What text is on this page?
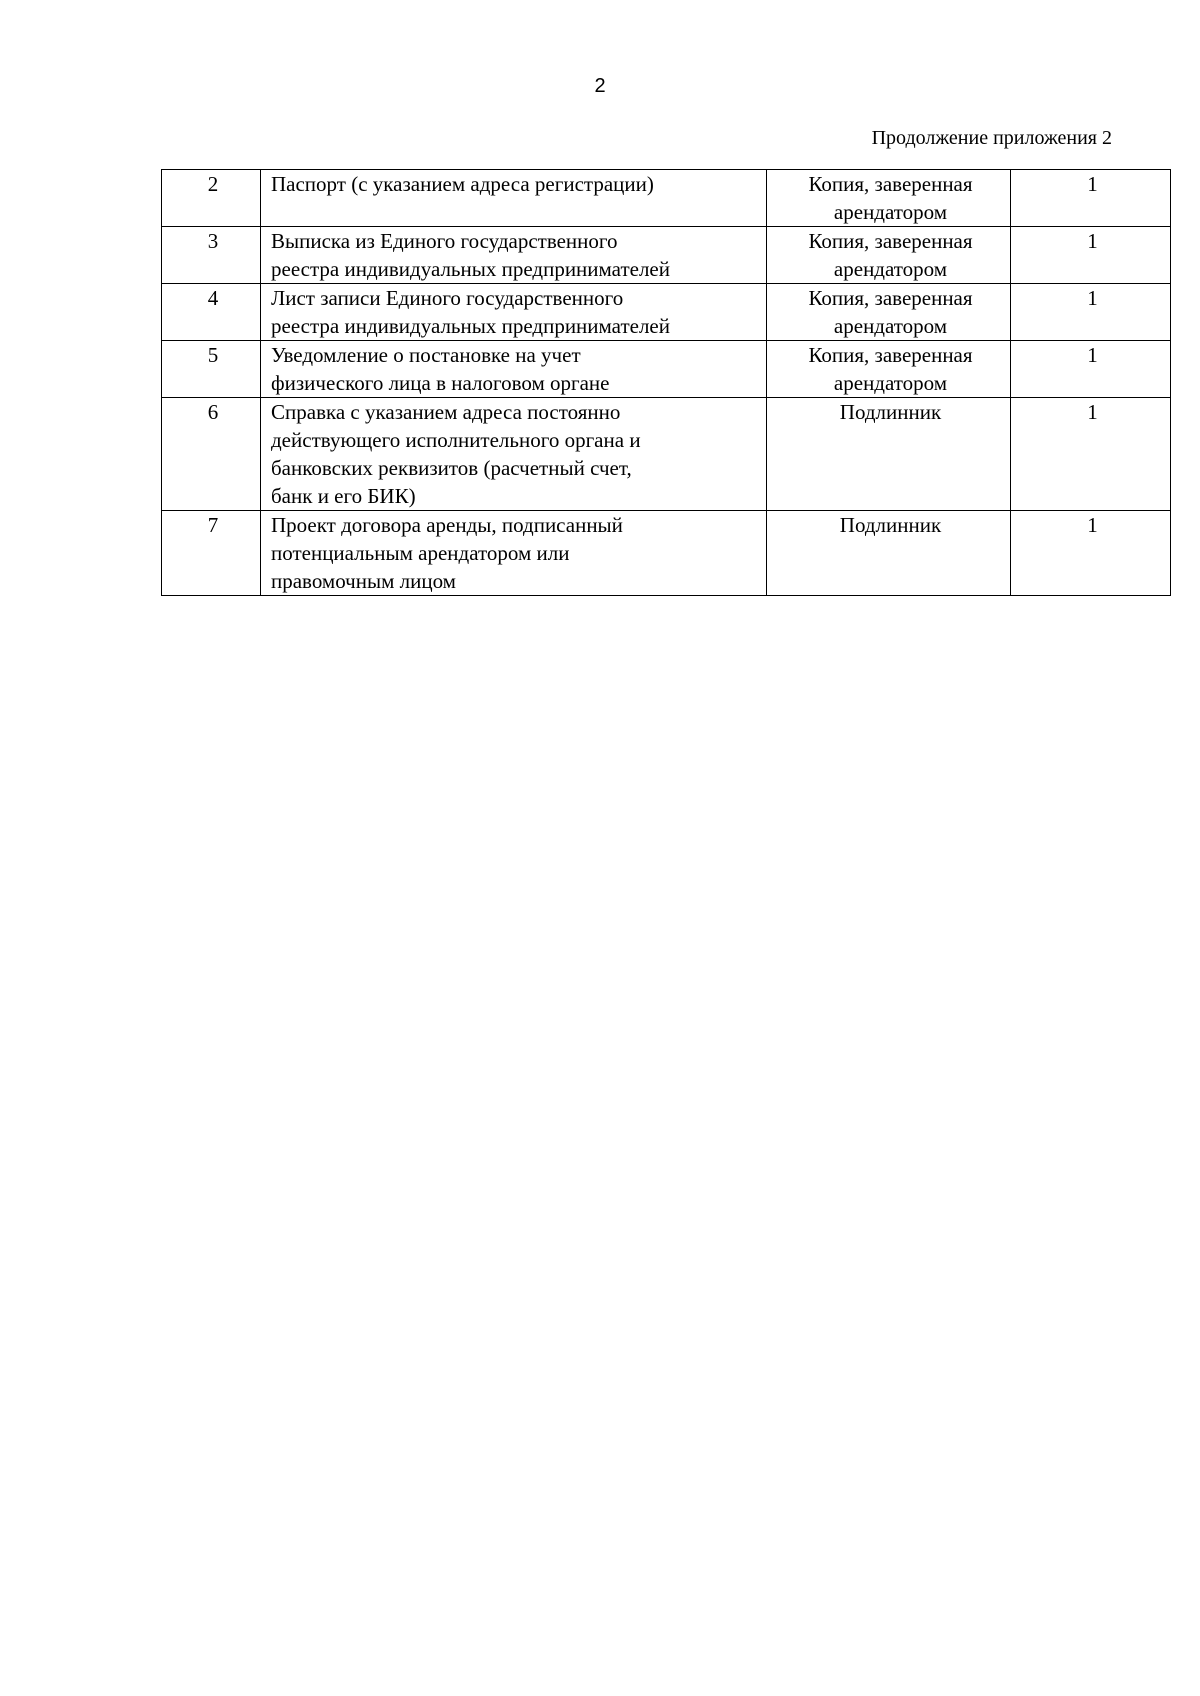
2
Продолжение приложения 2
2	Паспорт (с указанием адреса регистрации)	Копия, заверенная
арендатором	1

3	Выписка из Единого государственного
реестра индивидуальных предпринимателей	Копия, заверенная
арендатором	1

4	Лист записи Единого государственного
реестра индивидуальных предпринимателей	Копия, заверенная
арендатором	1

5	Уведомление о постановке на учет
физического лица в налоговом органе	Копия, заверенная
арендатором	1

6	Справка с указанием адреса постоянно
действующего исполнительного органа и
банковских реквизитов (расчетный счет,
банк и его БИК)	Подлинник	1

7	Проект договора аренды, подписанный
потенциальным арендатором или
правомочным лицом	Подлинник	1
